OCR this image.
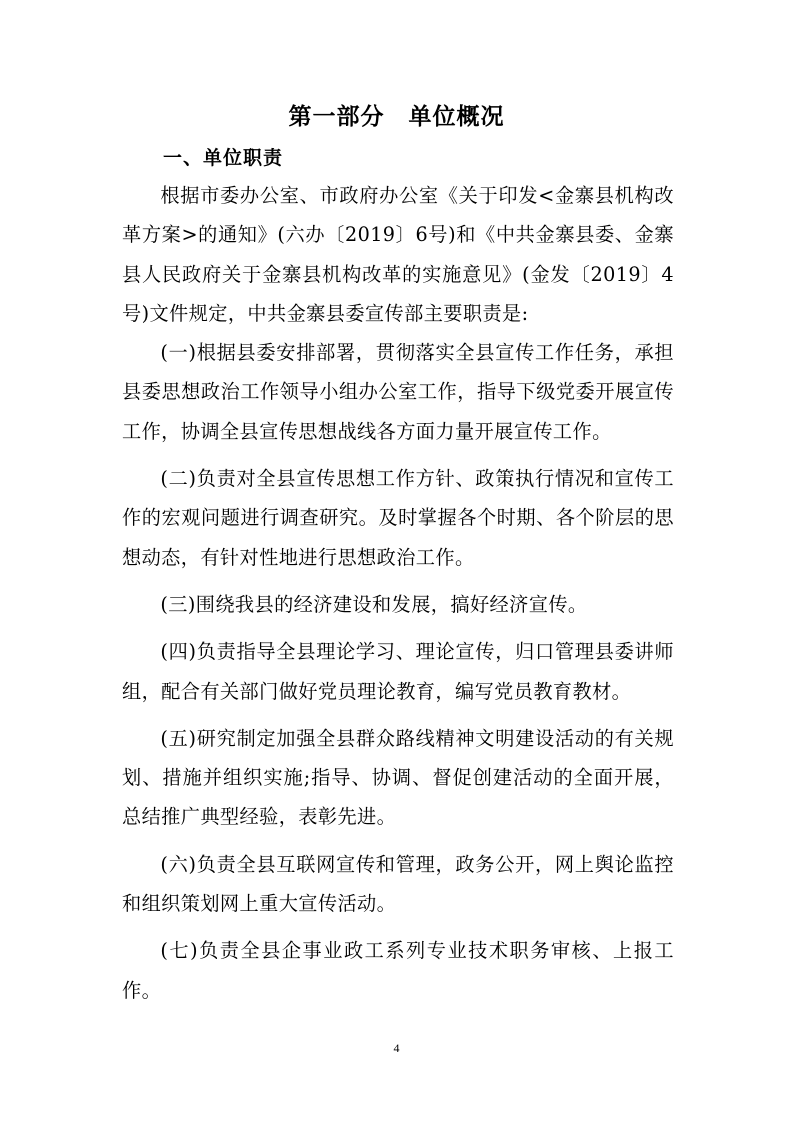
第一部分　单位概况
一、单位职责

根据市委办公室、市政府办公室《关于印发<金寨县机构改革方案>的通知》(六办〔2019〕6号)和《中共金寨县委、金寨县人民政府关于金寨县机构改革的实施意见》(金发〔2019〕4号)文件规定，中共金寨县委宣传部主要职责是:

(一)根据县委安排部署，贯彻落实全县宣传工作任务，承担县委思想政治工作领导小组办公室工作，指导下级党委开展宣传工作，协调全县宣传思想战线各方面力量开展宣传工作。

(二)负责对全县宣传思想工作方针、政策执行情况和宣传工作的宏观问题进行调查研究。及时掌握各个时期、各个阶层的思想动态，有针对性地进行思想政治工作。

(三)围绕我县的经济建设和发展，搞好经济宣传。

(四)负责指导全县理论学习、理论宣传，归口管理县委讲师组，配合有关部门做好党员理论教育，编写党员教育教材。

(五)研究制定加强全县群众路线精神文明建设活动的有关规划、措施并组织实施;指导、协调、督促创建活动的全面开展，总结推广典型经验，表彰先进。

(六)负责全县互联网宣传和管理，政务公开，网上舆论监控和组织策划网上重大宣传活动。

(七)负责全县企事业政工系列专业技术职务审核、上报工作。

4
